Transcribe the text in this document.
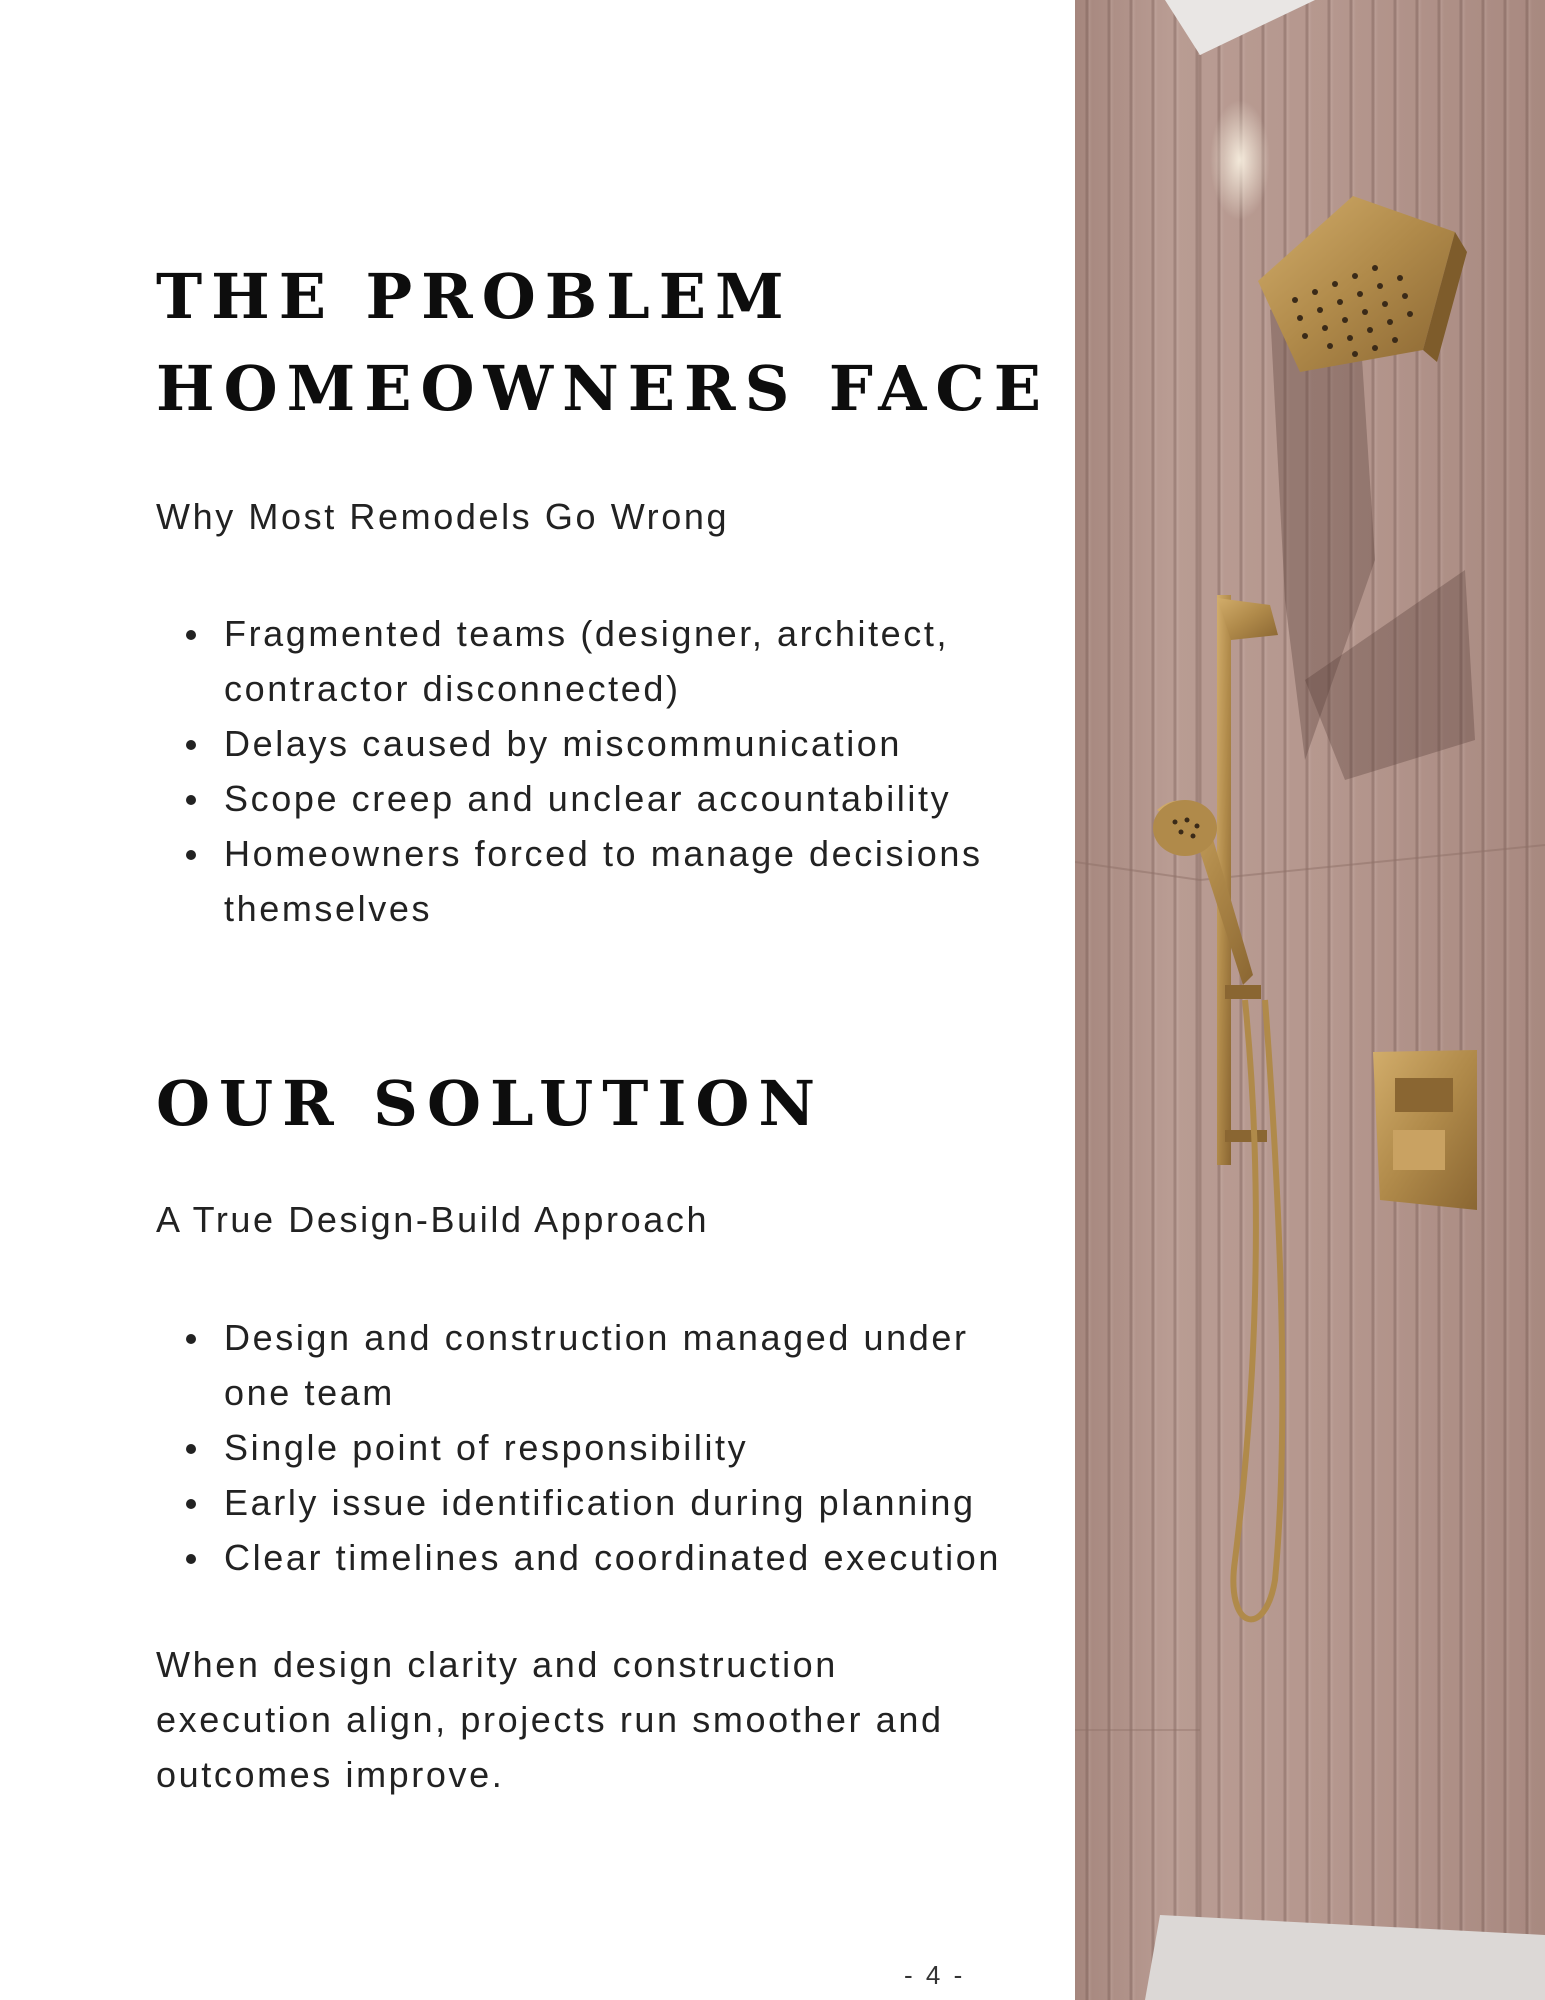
THE PROBLEM
HOMEOWNERS FACE

Why Most Remodels Go Wrong

Fragmented teams (designer, architect, contractor disconnected)
Delays caused by miscommunication
Scope creep and unclear accountability
Homeowners forced to manage decisions themselves
OUR SOLUTION

A True Design-Build Approach

Design and construction managed under one team
Single point of responsibility
Early issue identification during planning
Clear timelines and coordinated execution

When design clarity and construction execution align, projects run smoother and outcomes improve.

- 4 -
